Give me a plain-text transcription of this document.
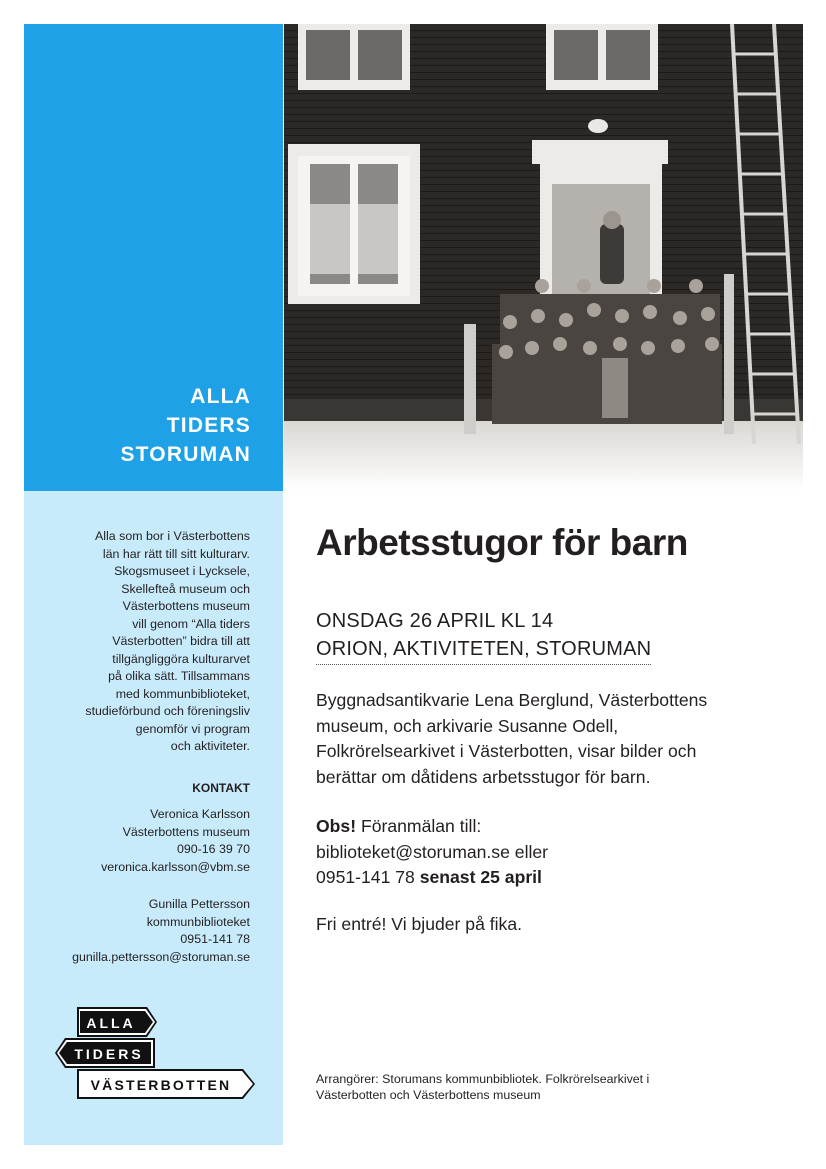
ALLA
TIDERS
STORUMAN
Alla som bor i Västerbottens
län har rätt till sitt kulturarv.
Skogsmuseet i Lycksele,
Skellefteå museum och
Västerbottens museum
vill genom “Alla tiders
Västerbotten” bidra till att
tillgängliggöra kulturarvet
på olika sätt. Tillsammans
med kommunbiblioteket,
studieförbund och föreningsliv
genomför vi program
och aktiviteter.
KONTAKT
Veronica Karlsson
Västerbottens museum
090-16 39 70
veronica.karlsson@vbm.se
Gunilla Pettersson
kommunbiblioteket
0951-141 78
gunilla.pettersson@storuman.se
ALLA
TIDERS
VÄSTERBOTTEN
Arbetsstugor för barn
ONSDAG 26 APRIL KL 14
ORION, AKTIVITETEN, STORUMAN
Byggnadsantikvarie Lena Berglund, Västerbottens museum, och arkivarie Susanne Odell, Folkrörelsearkivet i Västerbotten, visar bilder och berättar om dåtidens arbetsstugor för barn.
Obs! Föranmälan till:
biblioteket@storuman.se eller
0951-141 78 senast 25 april
Fri entré! Vi bjuder på fika.
Arrangörer: Storumans kommunbibliotek. Folkrörelsearkivet i Västerbotten och Västerbottens museum
